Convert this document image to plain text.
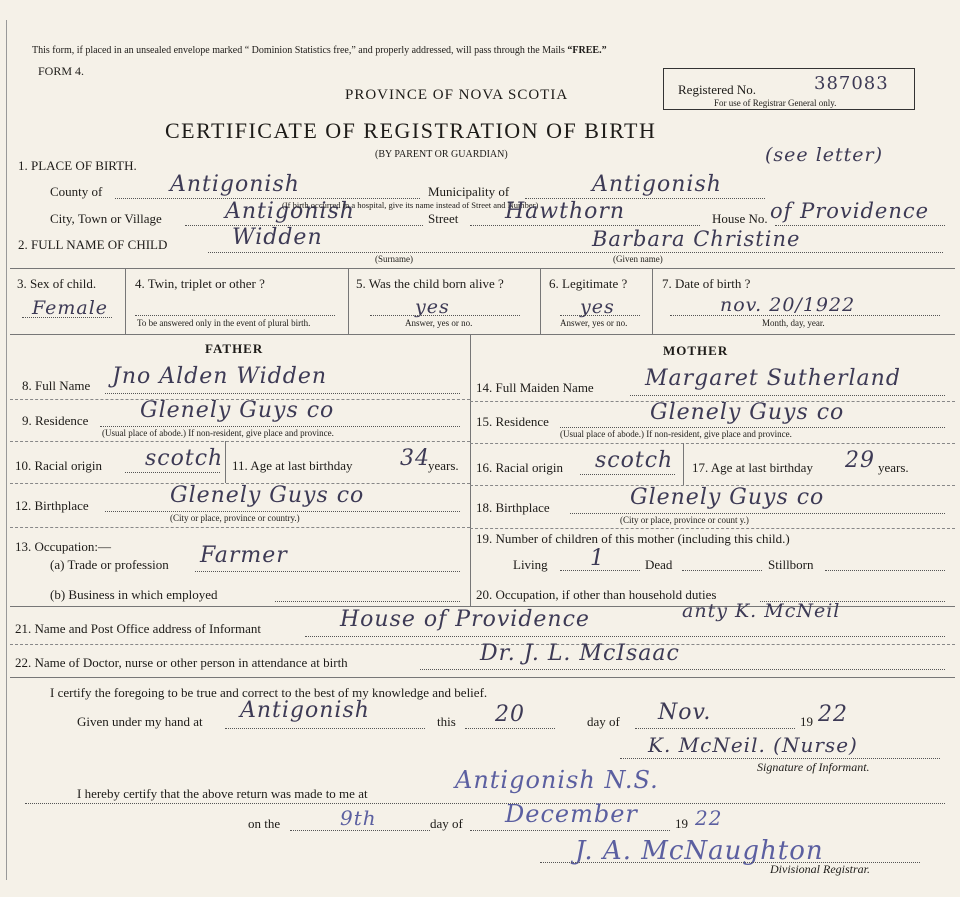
This form, if placed in an unsealed envelope marked “ Dominion Statistics free,” and properly addressed, will pass through the Mails “FREE.”
FORM 4.
PROVINCE OF NOVA SCOTIA
CERTIFICATE OF REGISTRATION OF BIRTH
(BY PARENT OR GUARDIAN)
Registered No.	387083
For use of Registrar General only.
1. PLACE OF BIRTH.	(see letter)
County of	Antigonish	Municipality of	Antigonish
City, Town or Village	Antigonish
(If birth occurred in a hospital, give its name instead of Street and Number)
Street Hawthorn	House No. of Providence
2. FULL NAME OF CHILD	Widden	Barbara Christine
(Surname)	(Given name)
3. Sex of child.
Female
4. Twin, triplet or other ?
To be answered only in the event of plural birth.
5. Was the child born alive ?
yes
Answer, yes or no.
6. Legitimate ?
yes
Answer, yes or no.
7. Date of birth ?
nov. 20/1922
Month, day, year.
FATHER	MOTHER
8. Full Name Jno Alden Widden
9. Residence Glenely Guys co
(Usual place of abode.) If non-resident, give place and province.
10. Racial origin scotch 11. Age at last birthday 34
years.
12. Birthplace	Glenely Guys co
(City or place, province or country.)
13. Occupation:—
(a) Trade or profession Farmer
(b) Business in which employed
14. Full Maiden Name Margaret Sutherland
15. Residence	Glenely Guys co
(Usual place of abode.) If non-resident, give place and province.
16. Racial origin scotch 17. Age at last birthday 29 years.
18. Birthplace	Glenely Guys co
(City or place, province or count y.)
19. Number of children of this mother (including this child.)
Living 1	Dead	Stillborn
20. Occupation, if other than household duties
21. Name and Post Office address of Informant	House of Providence	anty K. McNeil
22. Name of Doctor, nurse or other person in attendance at birth	Dr. J. L. McIsaac
I certify the foregoing to be true and correct to the best of my knowledge and belief.
Given under my hand at Antigonish	this 20	day of Nov.	19 22
K. McNeil. (Nurse)
Signature of Informant.
I hereby certify that the above return was made to me at	Antigonish N.S.
on the	9th	day of December	19 22
J. A. McNaughton
Divisional Registrar.
